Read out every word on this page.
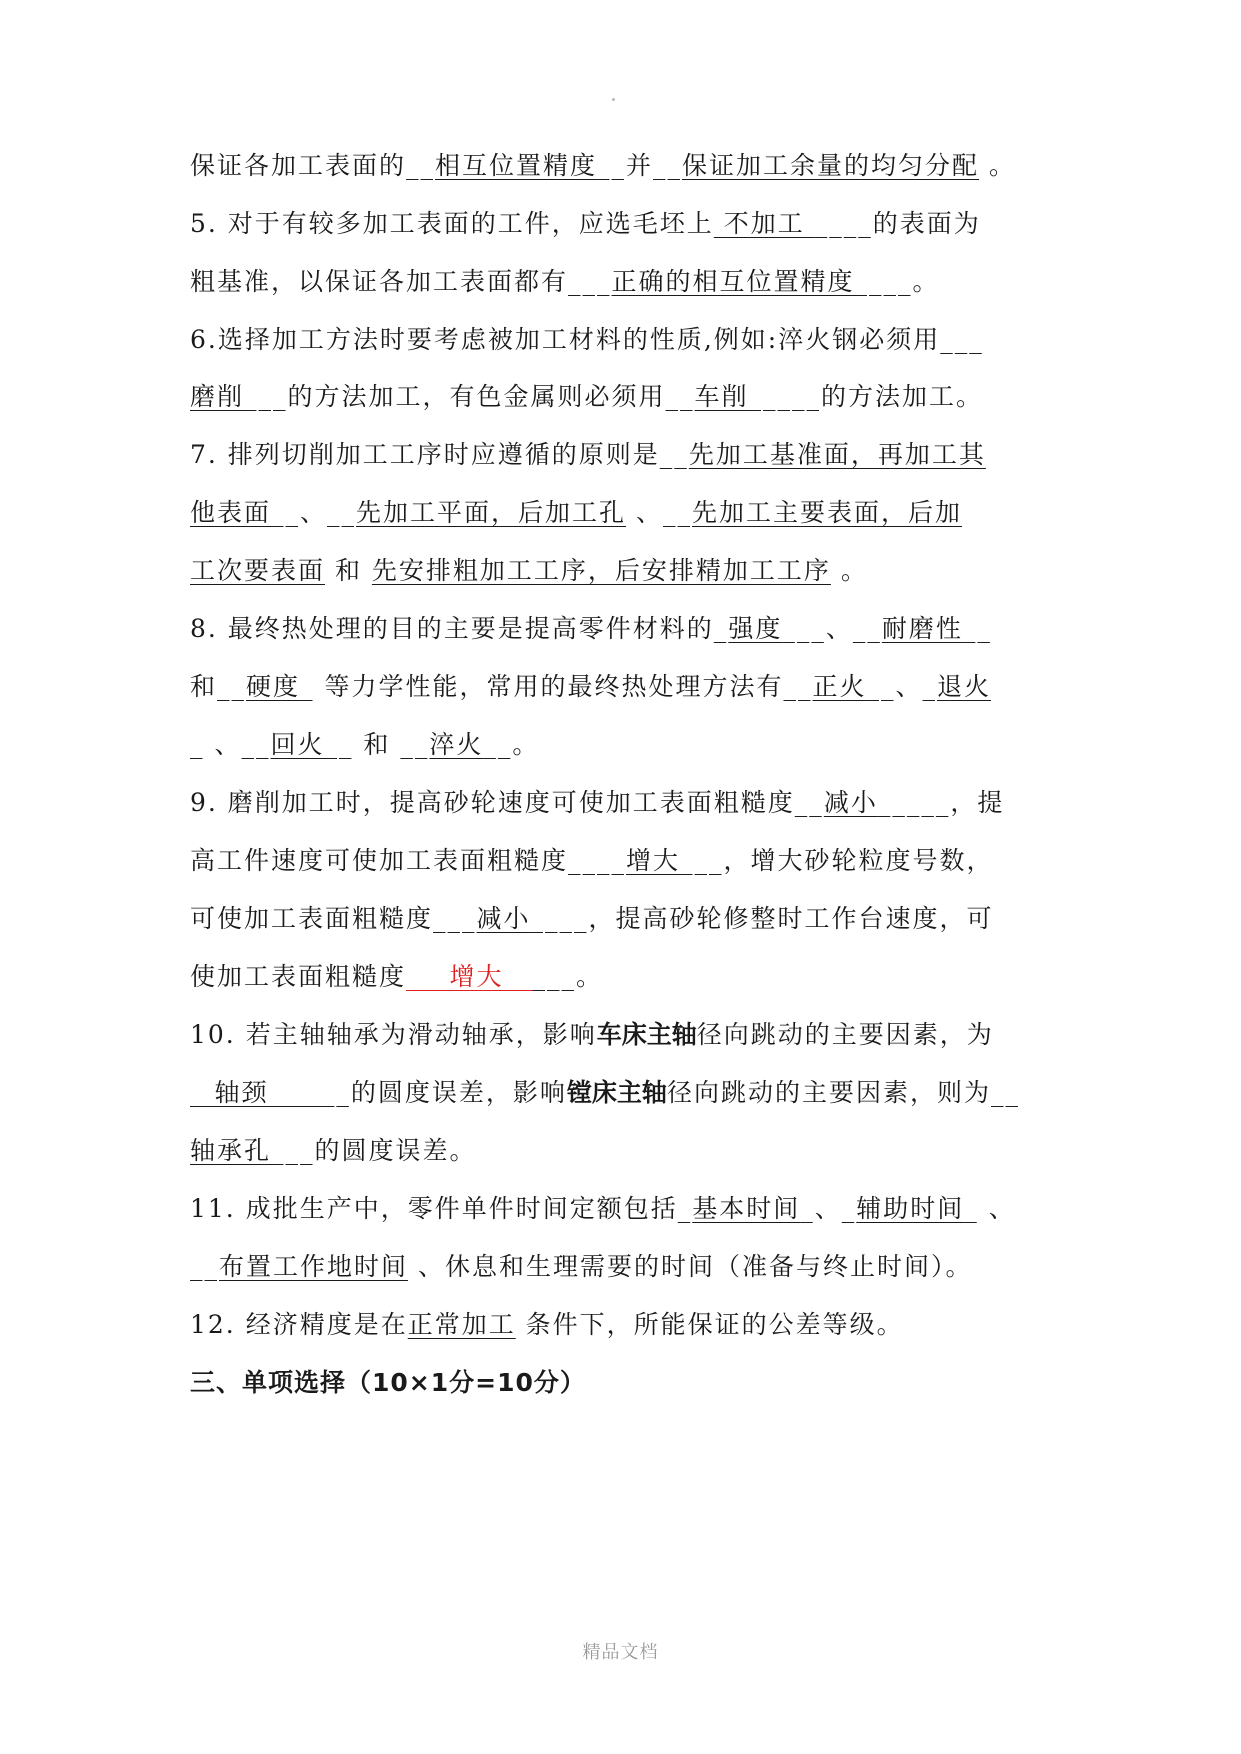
保证各加工表面的__相互位置精度__并__保证加工余量的均匀分配 。
5. 对于有较多加工表面的工件，应选毛坯上 不加工 ____的表面为
粗基准，以保证各加工表面都有___正确的相互位置精度____。
6.选择加工方法时要考虑被加工材料的性质,例如:淬火钢必须用___
磨削___的方法加工，有色金属则必须用__车削_____的方法加工。
7. 排列切削加工工序时应遵循的原则是__先加工基准面，再加工其
他表面__、__先加工平面，后加工孔 、__先加工主要表面，后加
工次要表面 和 先安排粗加工工序，后安排精加工工序 。
8. 最终热处理的目的主要是提高零件材料的_强度___、__耐磨性__
和__硬度_ 等力学性能，常用的最终热处理方法有__正火__、_退火
_ 、__回火__ 和 __淬火__。
9. 磨削加工时，提高砂轮速度可使加工表面粗糙度__减小_____，提
高工件速度可使加工表面粗糙度____增大___，增大砂轮粒度号数，
可使加工表面粗糙度___减小____，提高砂轮修整时工作台速度，可
使加工表面粗糙度___增大_____。
10. 若主轴轴承为滑动轴承，影响车床主轴径向跳动的主要因素，为
_ 轴颈 _____的圆度误差，影响镗床主轴径向跳动的主要因素，则为__
轴承孔___的圆度误差。
11. 成批生产中，零件单件时间定额包括_基本时间_、_辅助时间_ 、
__布置工作地时间 、休息和生理需要的时间（准备与终止时间）。
12. 经济精度是在正常加工 条件下，所能保证的公差等级。
三、单项选择（10×1分=10分）
精品文档
